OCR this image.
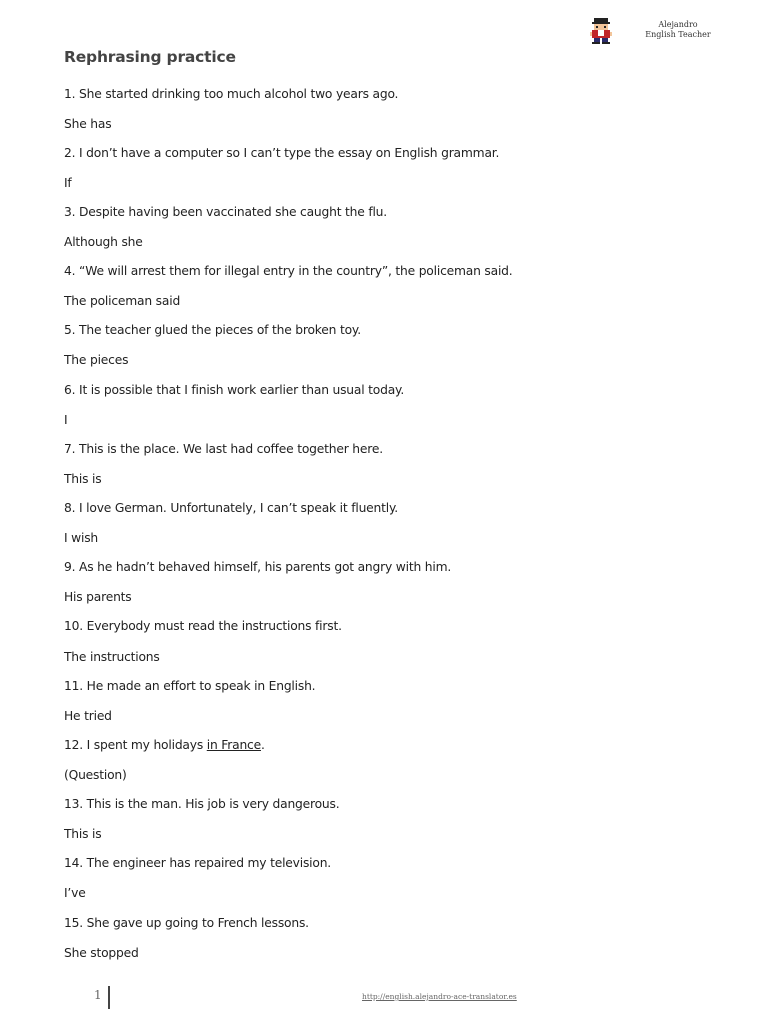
Alejandro
English Teacher
Rephrasing practice
1. She started drinking too much alcohol two years ago.
She has
2. I don’t have a computer so I can’t type the essay on English grammar.
If
3. Despite having been vaccinated she caught the flu.
Although she
4. “We will arrest them for illegal entry in the country”, the policeman said.
The policeman said
5. The teacher glued the pieces of the broken toy.
The pieces
6. It is possible that I finish work earlier than usual today.
I
7. This is the place. We last had coffee together here.
This is
8. I love German. Unfortunately, I can’t speak it fluently.
I wish
9. As he hadn’t behaved himself, his parents got angry with him.
His parents
10. Everybody must read the instructions first.
The instructions
11. He made an effort to speak in English.
He tried
12. I spent my holidays in France.
(Question)
13. This is the man. His job is very dangerous.
This is
14. The engineer has repaired my television.
I’ve
15. She gave up going to French lessons.
She stopped
1	http://english.alejandro-ace-translator.es
